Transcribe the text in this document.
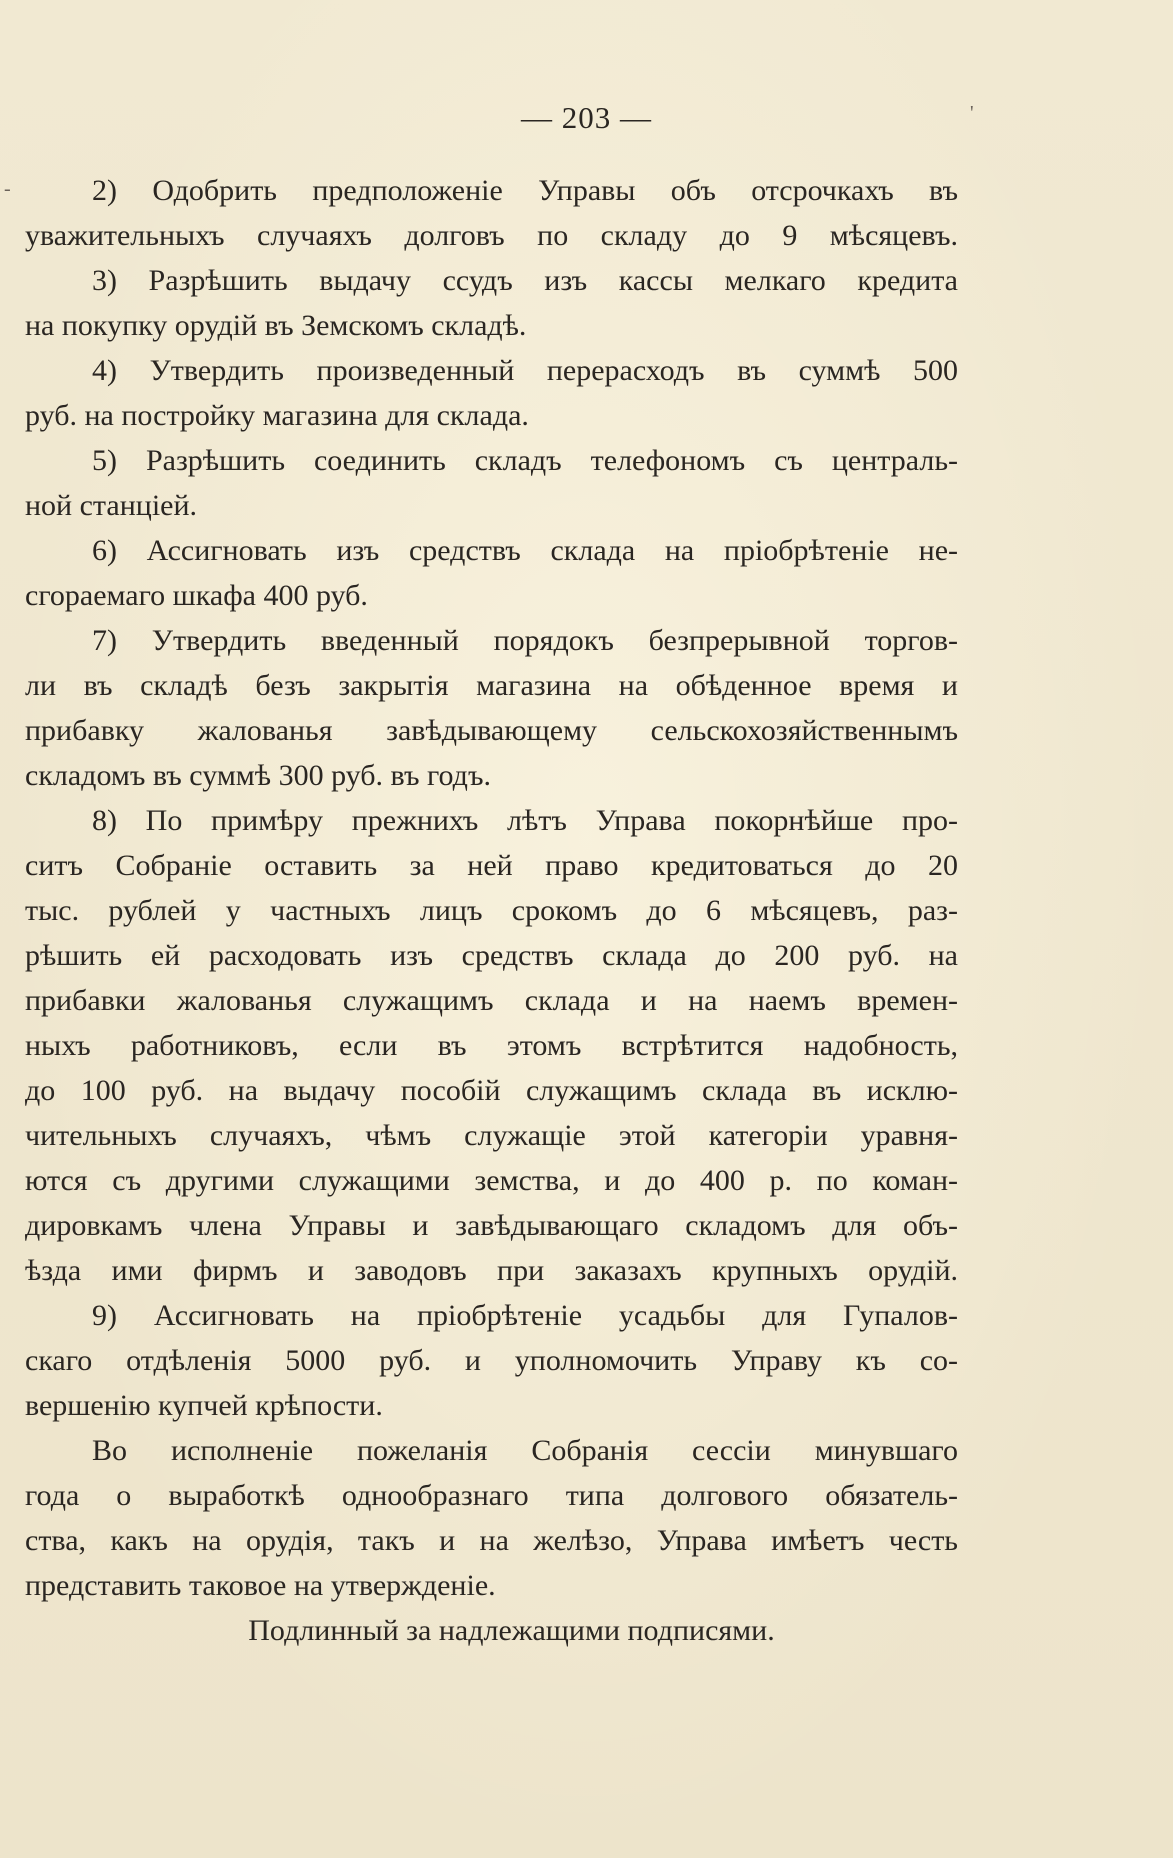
— 203 —
-
'
2) Одобрить предположеніе Управы объ отсрочкахъ въ
уважительныхъ случаяхъ долговъ по складу до 9 мѣсяцевъ.
3) Разрѣшить выдачу ссудъ изъ кассы мелкаго кредита
на покупку орудій въ Земскомъ складѣ.
4) Утвердить произведенный перерасходъ въ суммѣ 500
руб. на постройку магазина для склада.
5) Разрѣшить соединить складъ телефономъ съ централь-
ной станціей.
6) Ассигновать изъ средствъ склада на пріобрѣтеніе не-
сгораемаго шкафа 400 руб.
7) Утвердить введенный порядокъ безпрерывной торгов-
ли въ складѣ безъ закрытія магазина на обѣденное время и
прибавку жалованья завѣдывающему сельскохозяйственнымъ
складомъ въ суммѣ 300 руб. въ годъ.
8) По примѣру прежнихъ лѣтъ Управа покорнѣйше про-
ситъ Собраніе оставить за ней право кредитоваться до 20
тыс. рублей у частныхъ лицъ срокомъ до 6 мѣсяцевъ, раз-
рѣшить ей расходовать изъ средствъ склада до 200 руб. на
прибавки жалованья служащимъ склада и на наемъ времен-
ныхъ работниковъ, если въ этомъ встрѣтится надобность,
до 100 руб. на выдачу пособій служащимъ склада въ исклю-
чительныхъ случаяхъ, чѣмъ служащіе этой категоріи уравня-
ются съ другими служащими земства, и до 400 р. по коман-
дировкамъ члена Управы и завѣдывающаго складомъ для объ-
ѣзда ими фирмъ и заводовъ при заказахъ крупныхъ орудій.
9) Ассигновать на пріобрѣтеніе усадьбы для Гупалов-
скаго отдѣленія 5000 руб. и уполномочить Управу къ со-
вершенію купчей крѣпости.
Во исполненіе пожеланія Собранія сессіи минувшаго
года о выработкѣ однообразнаго типа долгового обязатель-
ства, какъ на орудія, такъ и на желѣзо, Управа имѣетъ честь
представить таковое на утвержденіе.
Подлинный за надлежащими подписями.
